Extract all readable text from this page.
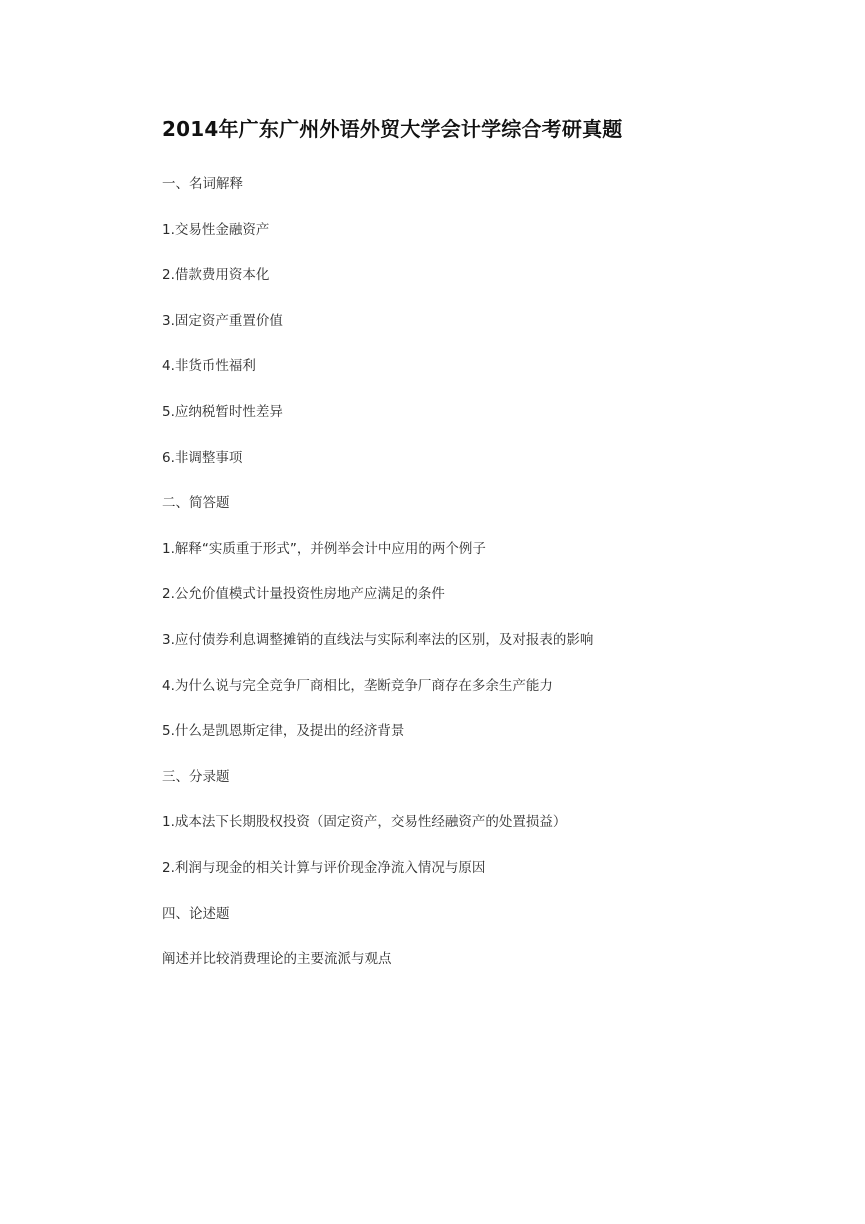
2014年广东广州外语外贸大学会计学综合考研真题
一、名词解释
1.交易性金融资产
2.借款费用资本化
3.固定资产重置价值
4.非货币性福利
5.应纳税暂时性差异
6.非调整事项
二、简答题
1.解释“实质重于形式”，并例举会计中应用的两个例子
2.公允价值模式计量投资性房地产应满足的条件
3.应付债券利息调整摊销的直线法与实际利率法的区别，及对报表的影响
4.为什么说与完全竞争厂商相比，垄断竞争厂商存在多余生产能力
5.什么是凯恩斯定律，及提出的经济背景
三、分录题
1.成本法下长期股权投资（固定资产，交易性经融资产的处置损益）
2.利润与现金的相关计算与评价现金净流入情况与原因
四、论述题
阐述并比较消费理论的主要流派与观点
